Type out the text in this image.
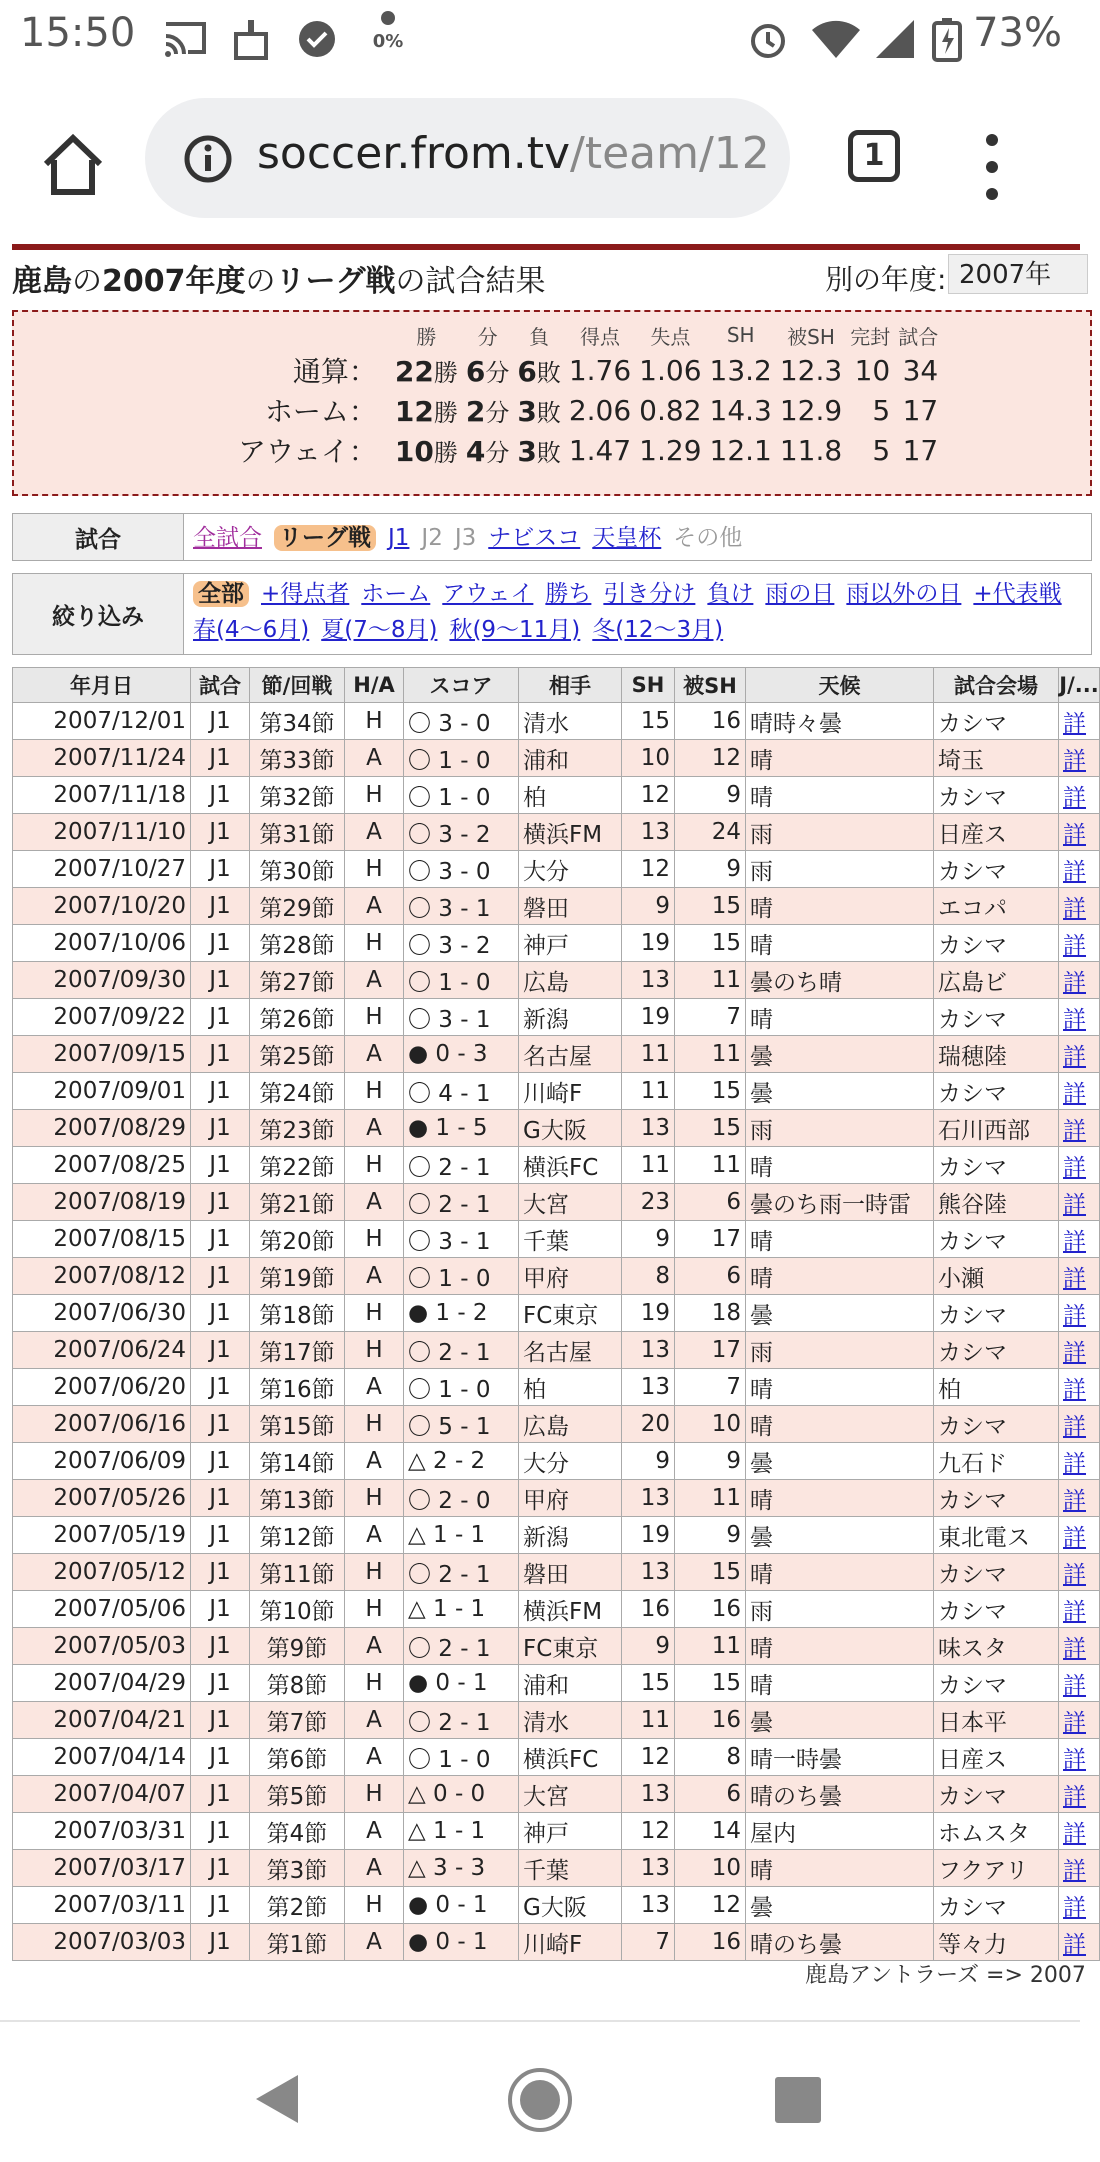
15:50	0%	73%
soccer.from.tv/team/12	1
鹿島の2007年度のリーグ戦の試合結果	別の年度: 2007年
	勝	分	負	得点	失点	SH	被SH	完封	試合
通算：	22勝	6分	6敗	1.76	1.06	13.2	12.3	10	34
ホーム：	12勝	2分	3敗	2.06	0.82	14.3	12.9	5	17
アウェイ：	10勝	4分	3敗	1.47	1.29	12.1	11.8	5	17
試合	全試合 リーグ戦 J1 J2 J3 ナビスコ 天皇杯 その他
絞り込み
全部 +得点者 ホーム アウェイ 勝ち 引き分け 負け 雨の日 雨以外の日 +代表戦
春(4〜6月) 夏(7〜8月) 秋(9〜11月) 冬(12〜3月)
年月日	試合	節/回戦	H/A	スコア	相手	SH	被SH	天候	試合会場	J/...
2007/12/01	J1	第34節	H	〇 3 - 0	清水	15	16	晴時々曇	カシマ	詳
2007/11/24	J1	第33節	A	〇 1 - 0	浦和	10	12	晴	埼玉	詳
2007/11/18	J1	第32節	H	〇 1 - 0	柏	12	9	晴	カシマ	詳
2007/11/10	J1	第31節	A	〇 3 - 2	横浜FM	13	24	雨	日産ス	詳
2007/10/27	J1	第30節	H	〇 3 - 0	大分	12	9	雨	カシマ	詳
2007/10/20	J1	第29節	A	〇 3 - 1	磐田	9	15	晴	エコパ	詳
2007/10/06	J1	第28節	H	〇 3 - 2	神戸	19	15	晴	カシマ	詳
2007/09/30	J1	第27節	A	〇 1 - 0	広島	13	11	曇のち晴	広島ビ	詳
2007/09/22	J1	第26節	H	〇 3 - 1	新潟	19	7	晴	カシマ	詳
2007/09/15	J1	第25節	A	● 0 - 3	名古屋	11	11	曇	瑞穂陸	詳
2007/09/01	J1	第24節	H	〇 4 - 1	川崎F	11	15	曇	カシマ	詳
2007/08/29	J1	第23節	A	● 1 - 5	G大阪	13	15	雨	石川西部	詳
2007/08/25	J1	第22節	H	〇 2 - 1	横浜FC	11	11	晴	カシマ	詳
2007/08/19	J1	第21節	A	〇 2 - 1	大宮	23	6	曇のち雨一時雷	熊谷陸	詳
2007/08/15	J1	第20節	H	〇 3 - 1	千葉	9	17	晴	カシマ	詳
2007/08/12	J1	第19節	A	〇 1 - 0	甲府	8	6	晴	小瀬	詳
2007/06/30	J1	第18節	H	● 1 - 2	FC東京	19	18	曇	カシマ	詳
2007/06/24	J1	第17節	H	〇 2 - 1	名古屋	13	17	雨	カシマ	詳
2007/06/20	J1	第16節	A	〇 1 - 0	柏	13	7	晴	柏	詳
2007/06/16	J1	第15節	H	〇 5 - 1	広島	20	10	晴	カシマ	詳
2007/06/09	J1	第14節	A	△ 2 - 2	大分	9	9	曇	九石ド	詳
2007/05/26	J1	第13節	H	〇 2 - 0	甲府	13	11	晴	カシマ	詳
2007/05/19	J1	第12節	A	△ 1 - 1	新潟	19	9	曇	東北電ス	詳
2007/05/12	J1	第11節	H	〇 2 - 1	磐田	13	15	晴	カシマ	詳
2007/05/06	J1	第10節	H	△ 1 - 1	横浜FM	16	16	雨	カシマ	詳
2007/05/03	J1	第9節	A	〇 2 - 1	FC東京	9	11	晴	味スタ	詳
2007/04/29	J1	第8節	H	● 0 - 1	浦和	15	15	晴	カシマ	詳
2007/04/21	J1	第7節	A	〇 2 - 1	清水	11	16	曇	日本平	詳
2007/04/14	J1	第6節	A	〇 1 - 0	横浜FC	12	8	晴一時曇	日産ス	詳
2007/04/07	J1	第5節	H	△ 0 - 0	大宮	13	6	晴のち曇	カシマ	詳
2007/03/31	J1	第4節	A	△ 1 - 1	神戸	12	14	屋内	ホムスタ	詳
2007/03/17	J1	第3節	A	△ 3 - 3	千葉	13	10	晴	フクアリ	詳
2007/03/11	J1	第2節	H	● 0 - 1	G大阪	13	12	曇	カシマ	詳
2007/03/03	J1	第1節	A	● 0 - 1	川崎F	7	16	晴のち曇	等々力	詳
鹿島アントラーズ => 2007
